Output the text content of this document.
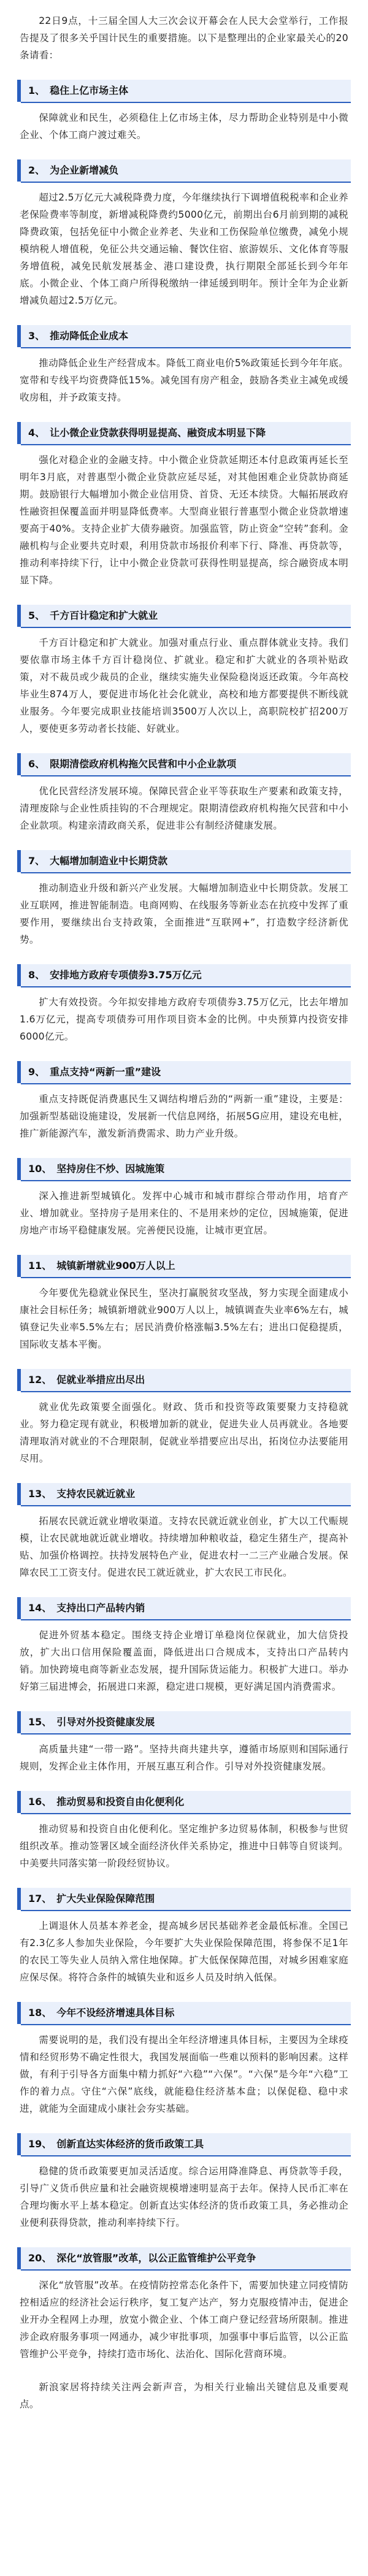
22日9点，十三届全国人大三次会议开幕会在人民大会堂举行，工作报告提及了很多关乎国计民生的重要措施。以下是整理出的企业家最关心的20条请看：

1、 稳住上亿市场主体

保障就业和民生，必须稳住上亿市场主体，尽力帮助企业特别是中小微企业、个体工商户渡过难关。

2、 为企业新增减负

超过2.5万亿元大减税降费力度，今年继续执行下调增值税税率和企业养老保险费率等制度，新增减税降费约5000亿元，前期出台6月前到期的减税降费政策，包括免征中小微企业养老、失业和工伤保险单位缴费，减免小规模纳税人增值税，免征公共交通运输、餐饮住宿、旅游娱乐、文化体育等服务增值税，减免民航发展基金、港口建设费，执行期限全部延长到今年年底。小微企业、个体工商户所得税缴纳一律延缓到明年。预计全年为企业新增减负超过2.5万亿元。

3、 推动降低企业成本

推动降低企业生产经营成本。降低工商业电价5%政策延长到今年年底。宽带和专线平均资费降低15%。减免国有房产租金，鼓励各类业主减免或缓收房租，并予政策支持。

4、 让小微企业贷款获得明显提高、融资成本明显下降

强化对稳企业的金融支持。中小微企业贷款延期还本付息政策再延长至明年3月底，对普惠型小微企业贷款应延尽延，对其他困难企业贷款协商延期。鼓励银行大幅增加小微企业信用贷、首贷、无还本续贷。大幅拓展政府性融资担保覆盖面并明显降低费率。大型商业银行普惠型小微企业贷款增速要高于40%。支持企业扩大债券融资。加强监管，防止资金“空转”套利。金融机构与企业要共克时艰，利用贷款市场报价利率下行、降准、再贷款等，推动利率持续下行，让中小微企业贷款可获得性明显提高，综合融资成本明显下降。

5、 千方百计稳定和扩大就业

千方百计稳定和扩大就业。加强对重点行业、重点群体就业支持。我们要依靠市场主体千方百计稳岗位、扩就业。稳定和扩大就业的各项补贴政策，对不裁员或少裁员的企业，继续实施失业保险稳岗返还政策。今年高校毕业生874万人，要促进市场化社会化就业，高校和地方都要提供不断线就业服务。今年要完成职业技能培训3500万人次以上，高职院校扩招200万人，要使更多劳动者长技能、好就业。

6、 限期清偿政府机构拖欠民营和中小企业款项

优化民营经济发展环境。保障民营企业平等获取生产要素和政策支持，清理废除与企业性质挂钩的不合理规定。限期清偿政府机构拖欠民营和中小企业款项。构建亲清政商关系，促进非公有制经济健康发展。

7、 大幅增加制造业中长期贷款

推动制造业升级和新兴产业发展。大幅增加制造业中长期贷款。发展工业互联网，推进智能制造。电商网购、在线服务等新业态在抗疫中发挥了重要作用，要继续出台支持政策，全面推进“互联网+”，打造数字经济新优势。

8、 安排地方政府专项债券3.75万亿元

扩大有效投资。今年拟安排地方政府专项债券3.75万亿元，比去年增加1.6万亿元，提高专项债券可用作项目资本金的比例。中央预算内投资安排6000亿元。

9、 重点支持“两新一重”建设

重点支持既促消费惠民生又调结构增后劲的“两新一重”建设，主要是：加强新型基础设施建设，发展新一代信息网络，拓展5G应用，建设充电桩，推广新能源汽车，激发新消费需求、助力产业升级。

10、 坚持房住不炒、因城施策

深入推进新型城镇化。发挥中心城市和城市群综合带动作用，培育产业、增加就业。坚持房子是用来住的、不是用来炒的定位，因城施策，促进房地产市场平稳健康发展。完善便民设施，让城市更宜居。

11、 城镇新增就业900万人以上

今年要优先稳就业保民生，坚决打赢脱贫攻坚战，努力实现全面建成小康社会目标任务；城镇新增就业900万人以上，城镇调查失业率6%左右，城镇登记失业率5.5%左右；居民消费价格涨幅3.5%左右；进出口促稳提质，国际收支基本平衡。

12、 促就业举措应出尽出

就业优先政策要全面强化。财政、货币和投资等政策要聚力支持稳就业。努力稳定现有就业，积极增加新的就业，促进失业人员再就业。各地要清理取消对就业的不合理限制，促就业举措要应出尽出，拓岗位办法要能用尽用。

13、 支持农民就近就业

拓展农民就近就业增收渠道。支持农民就近就业创业，扩大以工代赈规模，让农民就地就近就业增收。持续增加种粮收益，稳定生猪生产，提高补贴、加强价格调控。扶持发展特色产业，促进农村一二三产业融合发展。保障农民工工资支付。促进农民工就近就业，扩大农民工市民化。

14、 支持出口产品转内销

促进外贸基本稳定。围绕支持企业增订单稳岗位保就业，加大信贷投放，扩大出口信用保险覆盖面，降低进出口合规成本，支持出口产品转内销。加快跨境电商等新业态发展，提升国际货运能力。积极扩大进口。举办好第三届进博会，拓展进口来源，稳定进口规模，更好满足国内消费需求。

15、 引导对外投资健康发展

高质量共建“一带一路”。坚持共商共建共享，遵循市场原则和国际通行规则，发挥企业主体作用，开展互惠互利合作。引导对外投资健康发展。

16、 推动贸易和投资自由化便利化

推动贸易和投资自由化便利化。坚定维护多边贸易体制，积极参与世贸组织改革。推动签署区域全面经济伙伴关系协定，推进中日韩等自贸谈判。中美要共同落实第一阶段经贸协议。

17、 扩大失业保险保障范围

上调退休人员基本养老金，提高城乡居民基础养老金最低标准。全国已有2.3亿多人参加失业保险，今年要扩大失业保险保障范围，将参保不足1年的农民工等失业人员纳入常住地保障。扩大低保保障范围，对城乡困难家庭应保尽保。将符合条件的城镇失业和返乡人员及时纳入低保。

18、 今年不设经济增速具体目标

需要说明的是，我们没有提出全年经济增速具体目标，主要因为全球疫情和经贸形势不确定性很大，我国发展面临一些难以预料的影响因素。这样做，有利于引导各方面集中精力抓好“六稳”“六保”。“六保”是今年“六稳”工作的着力点。守住“六保”底线，就能稳住经济基本盘；以保促稳、稳中求进，就能为全面建成小康社会夯实基础。

19、 创新直达实体经济的货币政策工具

稳健的货币政策要更加灵活适度。综合运用降准降息、再贷款等手段，引导广义货币供应量和社会融资规模增速明显高于去年。保持人民币汇率在合理均衡水平上基本稳定。创新直达实体经济的货币政策工具，务必推动企业便利获得贷款，推动利率持续下行。

20、 深化“放管服”改革，以公正监管维护公平竞争

深化“放管服”改革。在疫情防控常态化条件下，需要加快建立同疫情防控相适应的经济社会运行秩序，复工复产达产，努力克服疫情冲击，促进企业开办全程网上办理，放宽小微企业、个体工商户登记经营场所限制。推进涉企政府服务事项一网通办，减少审批事项，加强事中事后监管，以公正监管维护公平竞争，持续打造市场化、法治化、国际化营商环境。

新浪家居将持续关注两会新声音，为相关行业输出关键信息及重要观点。
